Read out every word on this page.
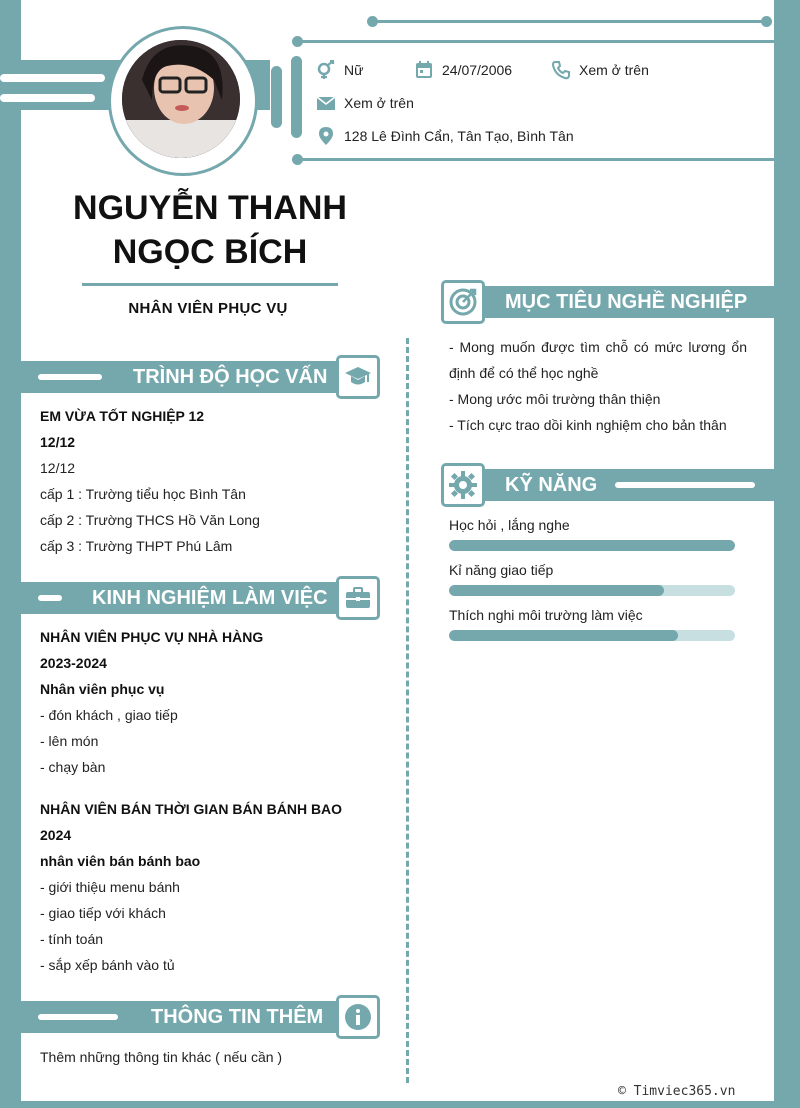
Nữ	24/07/2006	Xem ở trên
Xem ở trên
128 Lê Đình Cẩn, Tân Tạo, Bình Tân
NGUYỄN THANH
NGỌC BÍCH
NHÂN VIÊN PHỤC VỤ
TRÌNH ĐỘ HỌC VẤN
EM VỪA TỐT NGHIỆP 12
12/12
12/12
cấp 1 : Trường tiểu học Bình Tân
cấp 2 : Trường THCS Hồ Văn Long
cấp 3 : Trường THPT Phú Lâm
KINH NGHIỆM LÀM VIỆC
NHÂN VIÊN PHỤC VỤ NHÀ HÀNG
2023-2024
Nhân viên phục vụ
- đón khách , giao tiếp
- lên món
- chạy bàn
NHÂN VIÊN BÁN THỜI GIAN BÁN BÁNH BAO
2024
nhân viên bán bánh bao
- giới thiệu menu bánh
- giao tiếp với khách
- tính toán
- sắp xếp bánh vào tủ
THÔNG TIN THÊM
Thêm những thông tin khác ( nếu cần )
MỤC TIÊU NGHỀ NGHIỆP
- Mong muốn được tìm chỗ có mức lương ổn
định để có thể học nghề
- Mong ước môi trường thân thiện
- Tích cực trao dồi kinh nghiệm cho bản thân
KỸ NĂNG
Học hỏi , lắng nghe
Kỉ năng giao tiếp
Thích nghi môi trường làm việc
© Timviec365.vn
